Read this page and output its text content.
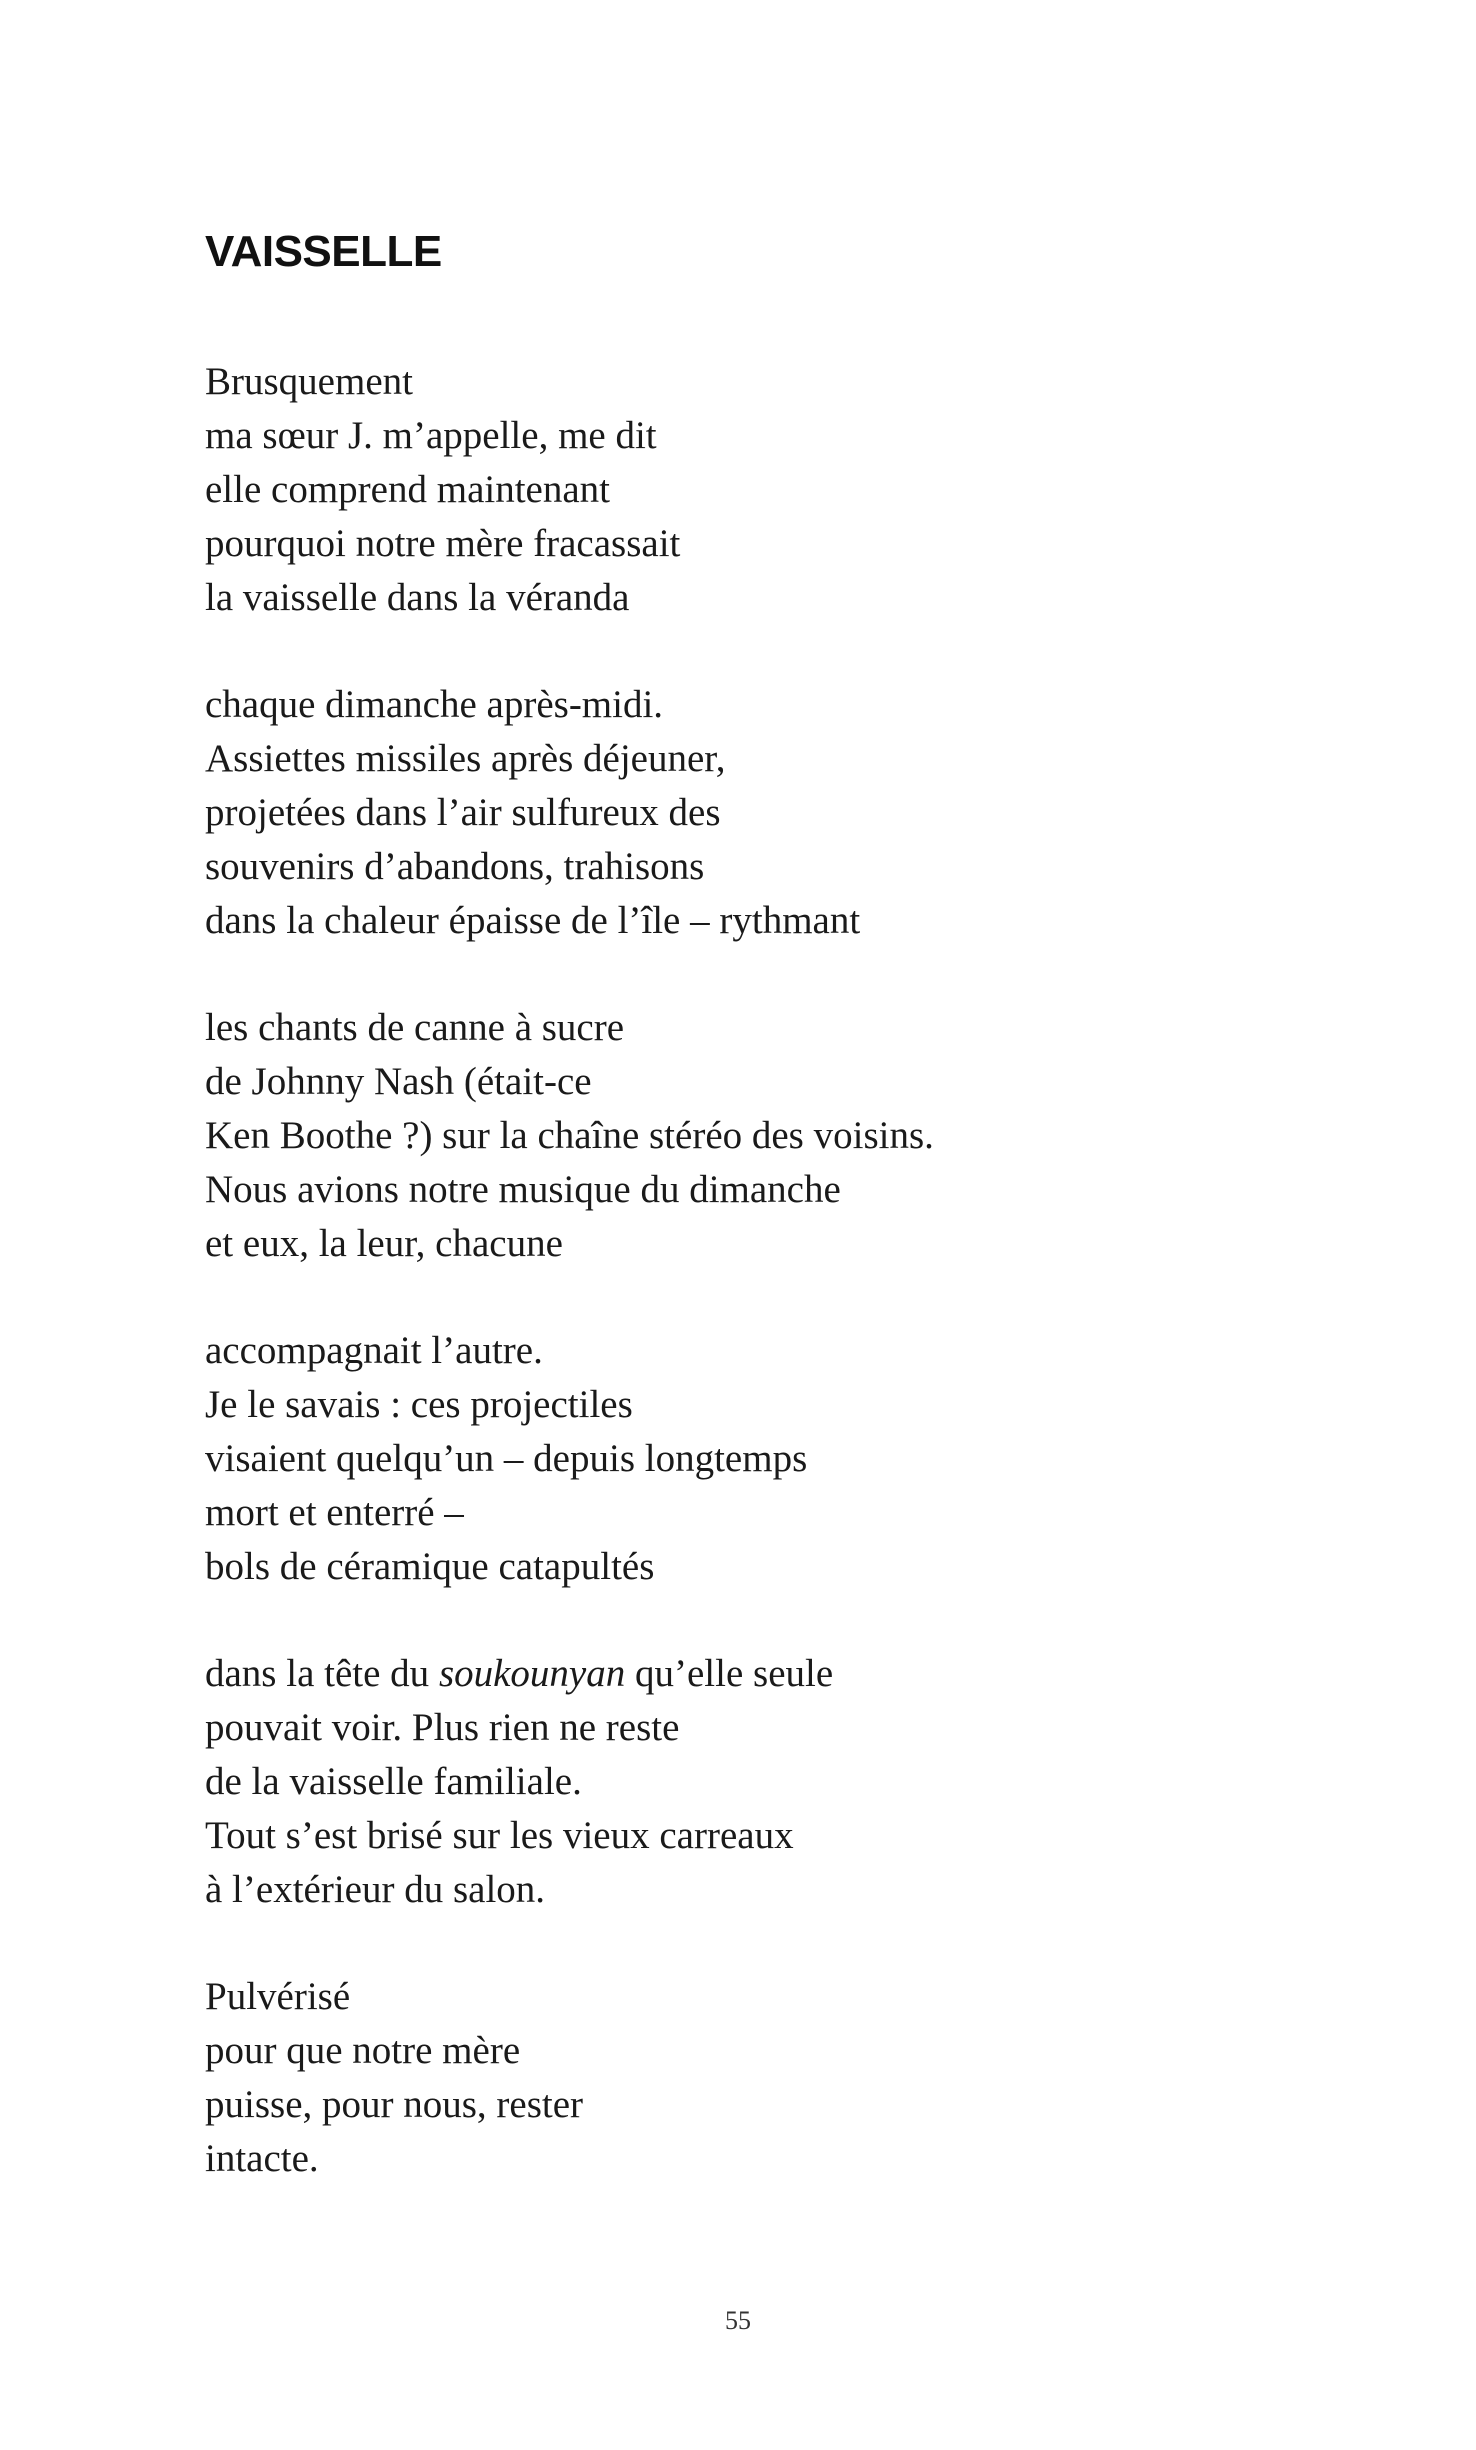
VAISSELLE
Brusquement
ma sœur J. m’appelle, me dit
elle comprend maintenant
pourquoi notre mère fracassait
la vaisselle dans la véranda
chaque dimanche après-midi.
Assiettes missiles après déjeuner,
projetées dans l’air sulfureux des
souvenirs d’abandons, trahisons
dans la chaleur épaisse de l’île – rythmant
les chants de canne à sucre
de Johnny Nash (était-ce
Ken Boothe ?) sur la chaîne stéréo des voisins.
Nous avions notre musique du dimanche
et eux, la leur, chacune
accompagnait l’autre.
Je le savais : ces projectiles
visaient quelqu’un – depuis longtemps
mort et enterré –
bols de céramique catapultés
dans la tête du soukounyan qu’elle seule
pouvait voir. Plus rien ne reste
de la vaisselle familiale.
Tout s’est brisé sur les vieux carreaux
à l’extérieur du salon.
Pulvérisé
pour que notre mère
puisse, pour nous, rester
intacte.
55
